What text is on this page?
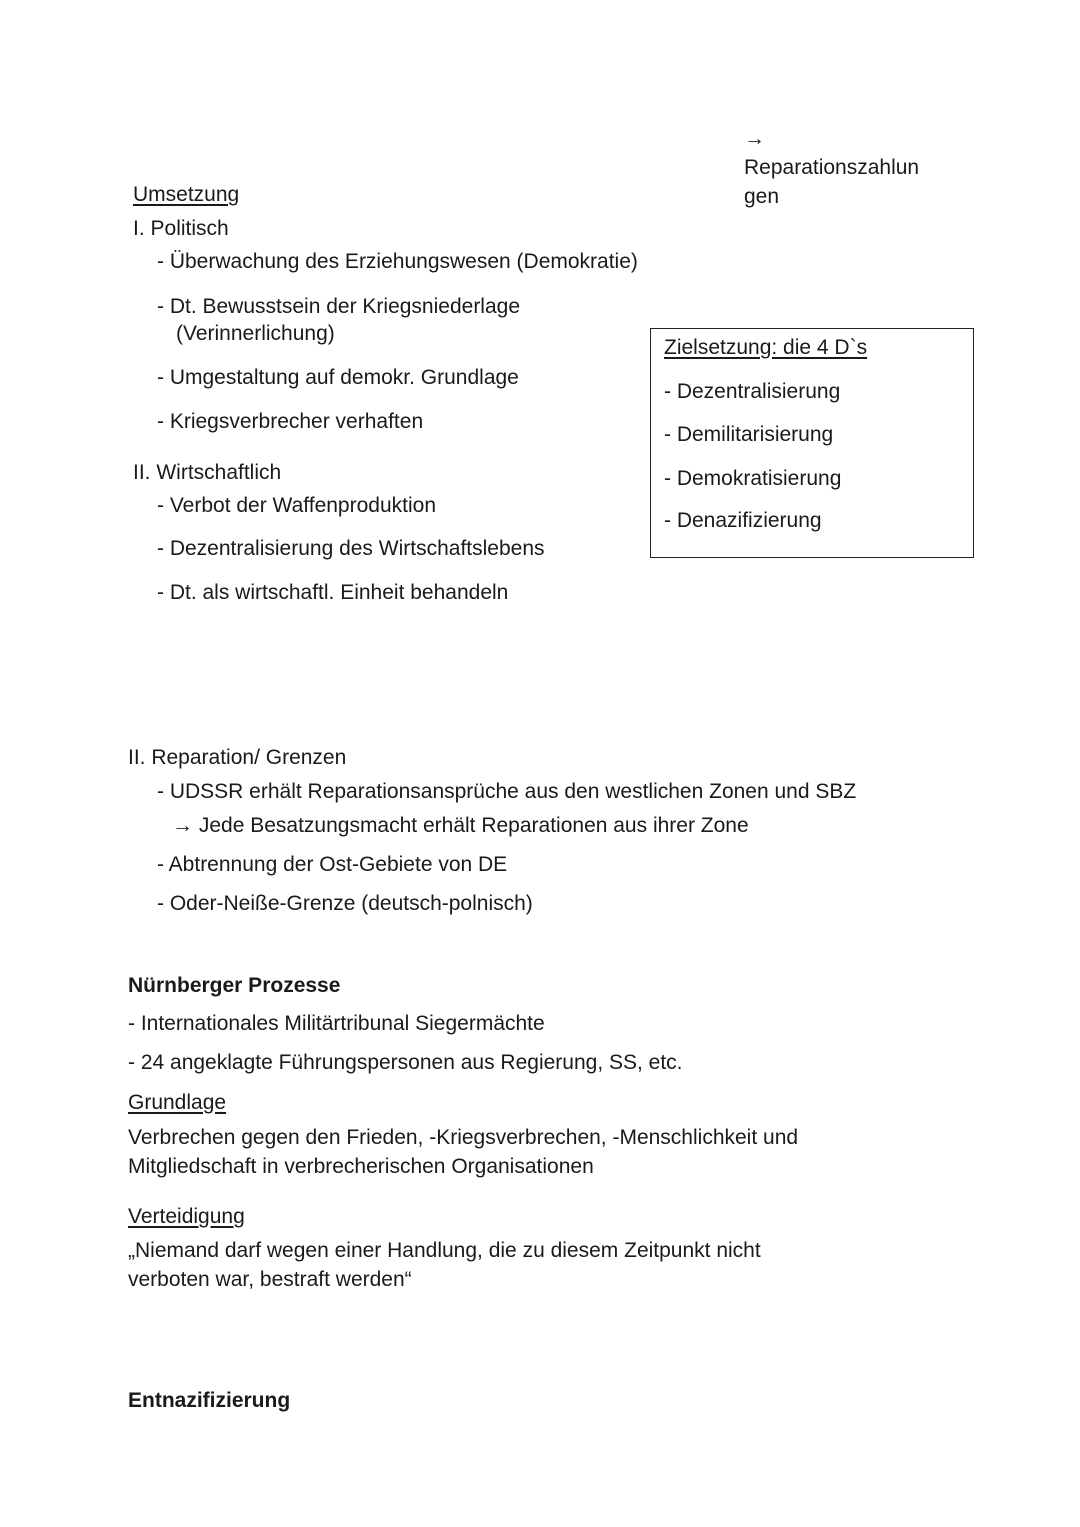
→
Reparationszahlun
gen
Umsetzung
I. Politisch
- Überwachung des Erziehungswesen (Demokratie)
- Dt. Bewusstsein der Kriegsniederlage
(Verinnerlichung)
- Umgestaltung auf demokr. Grundlage
- Kriegsverbrecher verhaften
II. Wirtschaftlich
- Verbot der Waffenproduktion
- Dezentralisierung des Wirtschaftslebens
- Dt. als wirtschaftl. Einheit behandeln
Zielsetzung: die 4 D`s
- Dezentralisierung
- Demilitarisierung
- Demokratisierung
- Denazifizierung
II. Reparation/ Grenzen
- UDSSR erhält Reparationsansprüche aus den westlichen Zonen und SBZ
→ Jede Besatzungsmacht erhält Reparationen aus ihrer Zone
- Abtrennung der Ost-Gebiete von DE
- Oder-Neiße-Grenze (deutsch-polnisch)
Nürnberger Prozesse
- Internationales Militärtribunal Siegermächte
- 24 angeklagte Führungspersonen aus Regierung, SS, etc.
Grundlage
Verbrechen gegen den Frieden, -Kriegsverbrechen, -Menschlichkeit und
Mitgliedschaft in verbrecherischen Organisationen
Verteidigung
„Niemand darf wegen einer Handlung, die zu diesem Zeitpunkt nicht
verboten war, bestraft werden“
Entnazifizierung
